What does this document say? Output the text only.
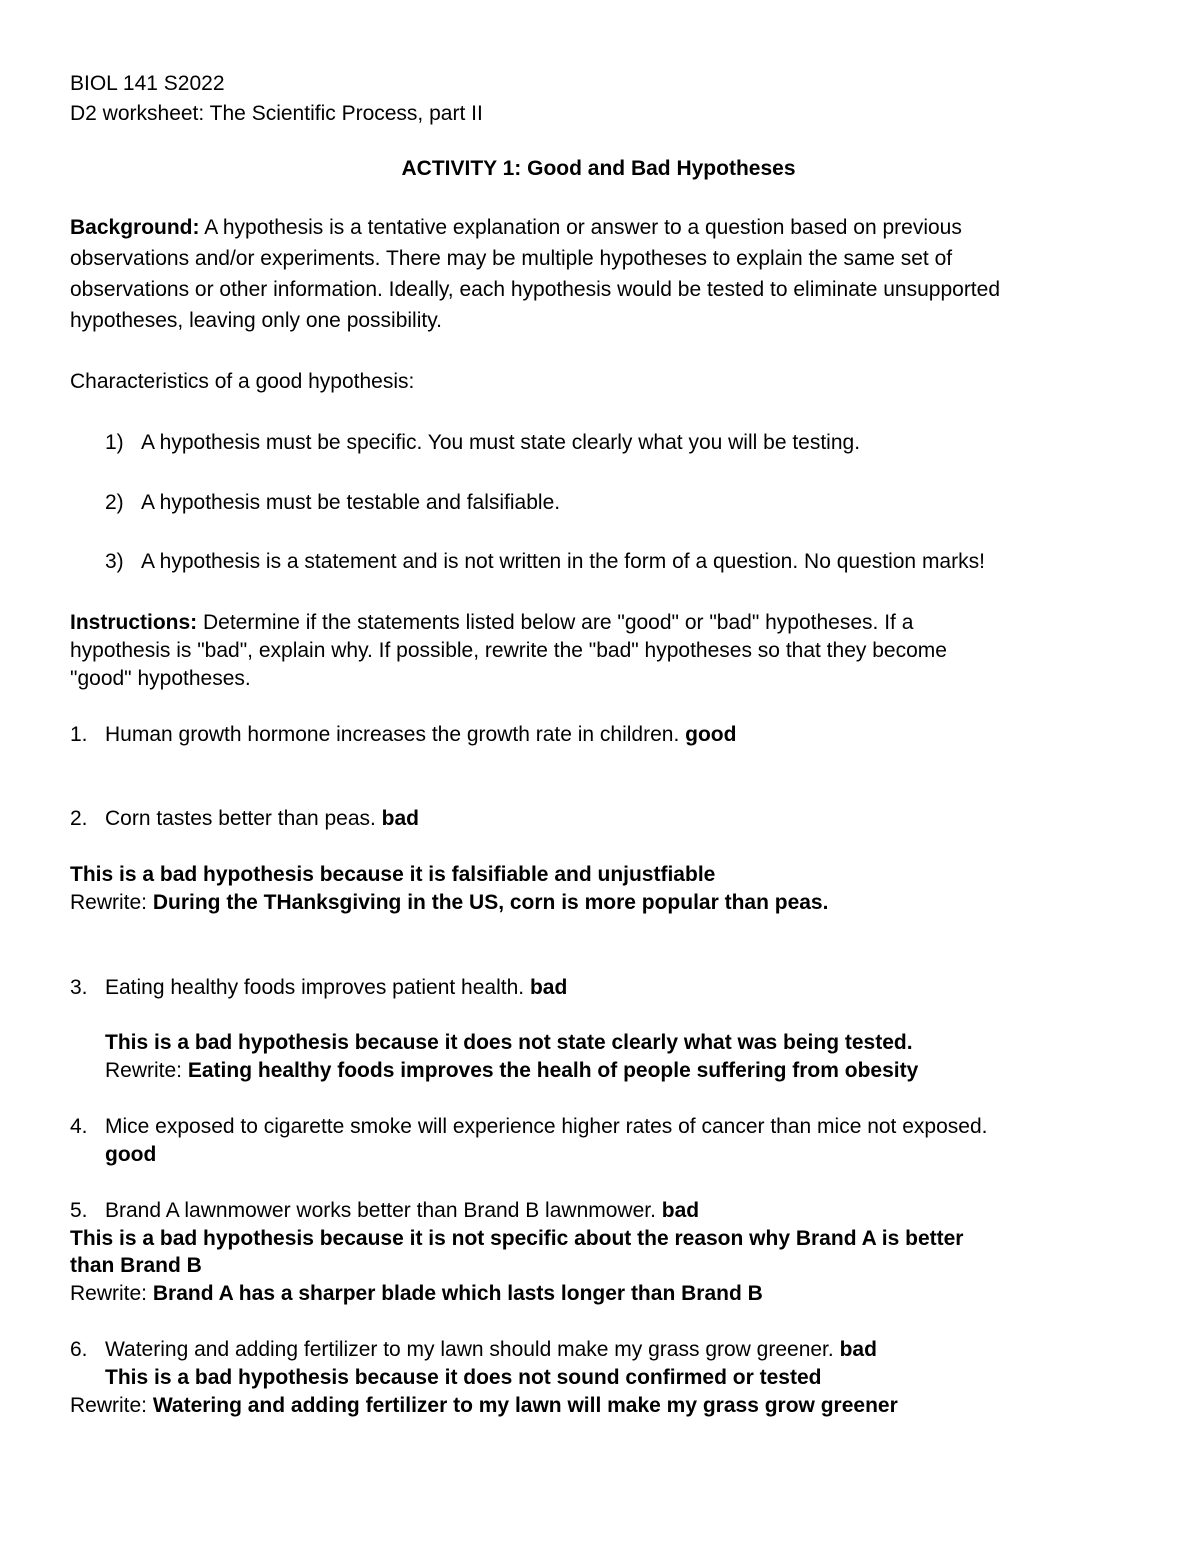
BIOL 141 S2022
D2 worksheet: The Scientific Process, part II
ACTIVITY 1: Good and Bad Hypotheses
Background: A hypothesis is a tentative explanation or answer to a question based on previous
observations and/or experiments. There may be multiple hypotheses to explain the same set of
observations or other information. Ideally, each hypothesis would be tested to eliminate unsupported
hypotheses, leaving only one possibility.
Characteristics of a good hypothesis:
1) A hypothesis must be specific. You must state clearly what you will be testing.
2) A hypothesis must be testable and falsifiable.
3) A hypothesis is a statement and is not written in the form of a question. No question marks!
Instructions: Determine if the statements listed below are "good" or "bad" hypotheses. If a
hypothesis is "bad", explain why. If possible, rewrite the "bad" hypotheses so that they become
"good" hypotheses.
1. Human growth hormone increases the growth rate in children. good
2. Corn tastes better than peas. bad
This is a bad hypothesis because it is falsifiable and unjustfiable
Rewrite: During the THanksgiving in the US, corn is more popular than peas.
3. Eating healthy foods improves patient health. bad
This is a bad hypothesis because it does not state clearly what was being tested.
Rewrite: Eating healthy foods improves the healh of people suffering from obesity
4. Mice exposed to cigarette smoke will experience higher rates of cancer than mice not exposed.
good
5. Brand A lawnmower works better than Brand B lawnmower. bad
This is a bad hypothesis because it is not specific about the reason why Brand A is better
than Brand B
Rewrite: Brand A has a sharper blade which lasts longer than Brand B
6. Watering and adding fertilizer to my lawn should make my grass grow greener. bad
This is a bad hypothesis because it does not sound confirmed or tested
Rewrite: Watering and adding fertilizer to my lawn will make my grass grow greener
